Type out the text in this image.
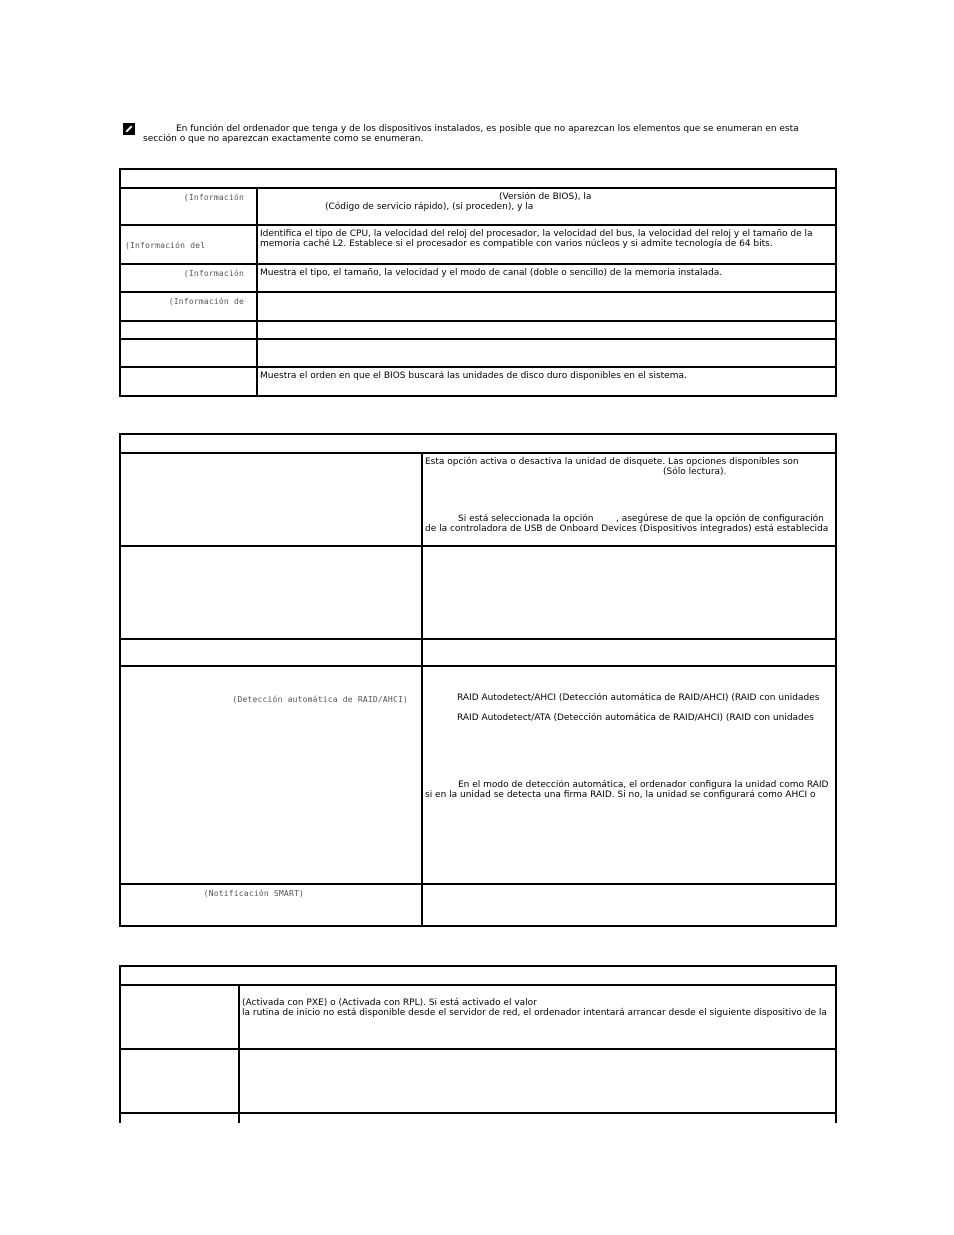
En función del ordenador que tenga y de los dispositivos instalados, es posible que no aparezcan los elementos que se enumeran en esta
sección o que no aparezcan exactamente como se enumeran.

(Información	(Versión de BIOS), la
(Código de servicio rápido), (si proceden), y la

(Información del	Identifica el tipo de CPU, la velocidad del reloj del procesador, la velocidad del bus, la velocidad del reloj y el tamaño de la
memoria caché L2. Establece si el procesador es compatible con varios núcleos y si admite tecnología de 64 bits.

(Información	Muestra el tipo, el tamaño, la velocidad y el modo de canal (doble o sencillo) de la memoria instalada.

(Información de	

	Muestra el orden en que el BIOS buscará las unidades de disco duro disponibles en el sistema.

	Esta opción activa o desactiva la unidad de disquete. Las opciones disponibles son
(Sólo lectura).
Si está seleccionada la opción , asegúrese de que la opción de configuración
de la controladora de USB de Onboard Devices (Dispositivos integrados) está establecida

(Detección automática de RAID/AHCI)	RAID Autodetect/AHCI (Detección automática de RAID/AHCI) (RAID con unidades
RAID Autodetect/ATA (Detección automática de RAID/AHCI) (RAID con unidades
En el modo de detección automática, el ordenador configura la unidad como RAID
si en la unidad se detecta una firma RAID. Si no, la unidad se configurará como AHCI o

(Notificación SMART)	

	(Activada con PXE) o (Activada con RPL). Si está activado el valor
la rutina de inicio no está disponible desde el servidor de red, el ordenador intentará arrancar desde el siguiente dispositivo de la
